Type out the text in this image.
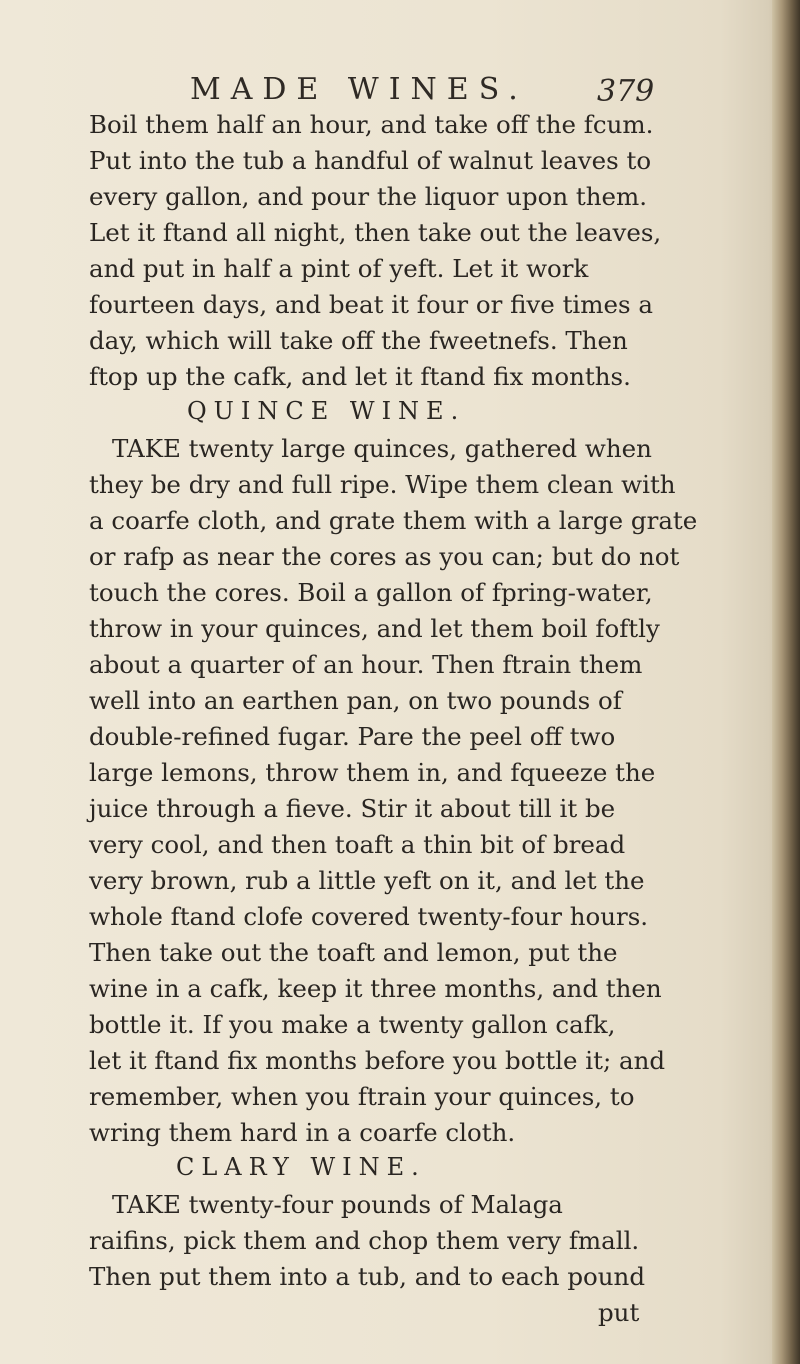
MADE WINES. 379
Boil them half an hour, and take off the fcum.
Put into the tub a handful of walnut leaves to
every gallon, and pour the liquor upon them.
Let it ftand all night, then take out the leaves,
and put in half a pint of yeft. Let it work
fourteen days, and beat it four or five times a
day, which will take off the fweetnefs. Then
ftop up the cafk, and let it ftand fix months.
QUINCE WINE.
TAKE twenty large quinces, gathered when
they be dry and full ripe. Wipe them clean with
a coarfe cloth, and grate them with a large grate
or rafp as near the cores as you can; but do not
touch the cores. Boil a gallon of fpring-water,
throw in your quinces, and let them boil foftly
about a quarter of an hour. Then ftrain them
well into an earthen pan, on two pounds of
double-refined fugar. Pare the peel off two
large lemons, throw them in, and fqueeze the
juice through a fieve. Stir it about till it be
very cool, and then toaft a thin bit of bread
very brown, rub a little yeft on it, and let the
whole ftand clofe covered twenty-four hours.
Then take out the toaft and lemon, put the
wine in a cafk, keep it three months, and then
bottle it. If you make a twenty gallon cafk,
let it ftand fix months before you bottle it; and
remember, when you ftrain your quinces, to
wring them hard in a coarfe cloth.
CLARY WINE.
TAKE twenty-four pounds of Malaga
raifins, pick them and chop them very fmall.
Then put them into a tub, and to each pound
put
